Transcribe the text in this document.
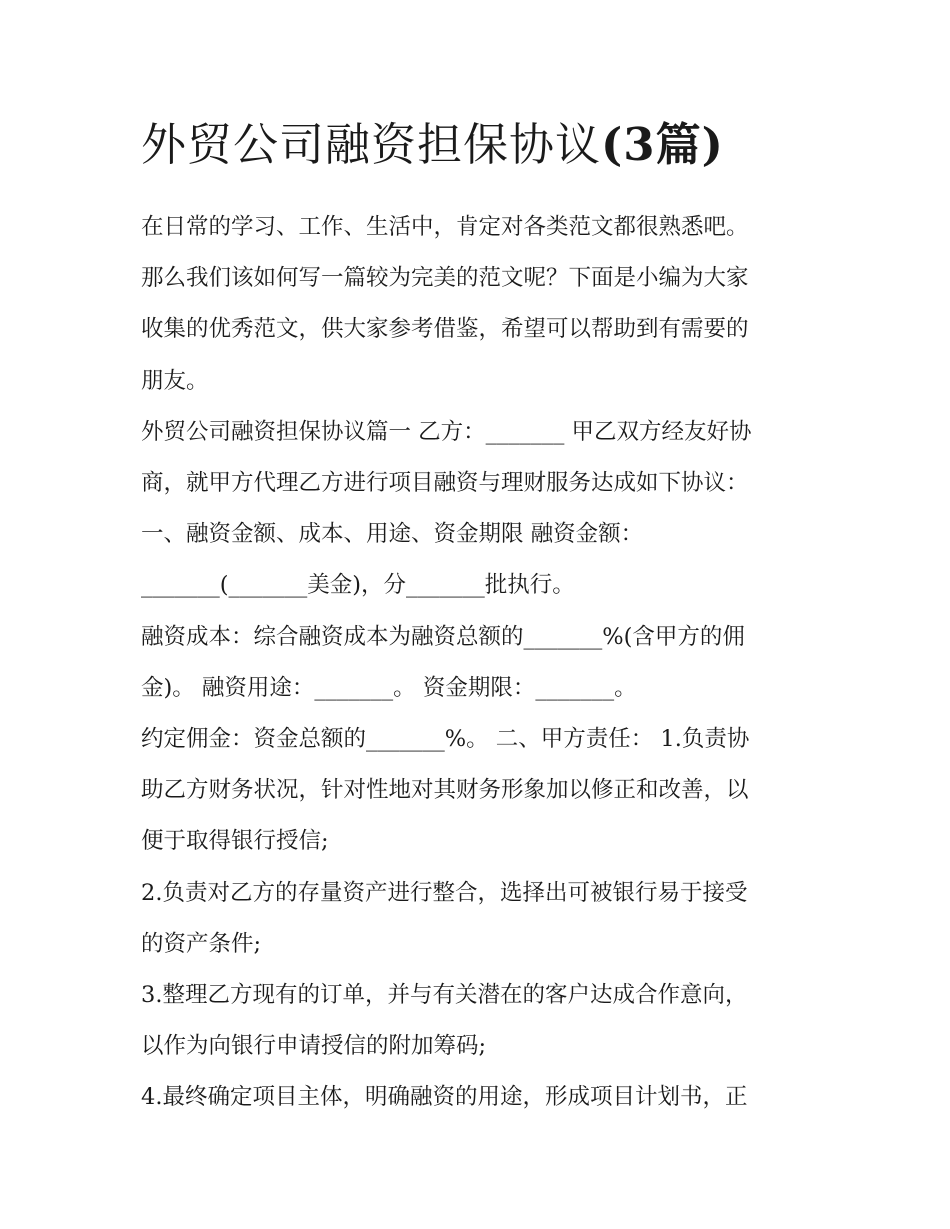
外贸公司融资担保协议(3篇)

在日常的学习、工作、生活中，肯定对各类范文都很熟悉吧。

那么我们该如何写一篇较为完美的范文呢？下面是小编为大家

收集的优秀范文，供大家参考借鉴，希望可以帮助到有需要的

朋友。

外贸公司融资担保协议篇一 乙方：_______ 甲乙双方经友好协

商，就甲方代理乙方进行项目融资与理财服务达成如下协议：

一、融资金额、成本、用途、资金期限 融资金额：

_______(_______美金)，分_______批执行。

融资成本：综合融资成本为融资总额的_______%(含甲方的佣

金)。 融资用途：_______。 资金期限：_______。

约定佣金：资金总额的_______%。 二、甲方责任： 1.负责协

助乙方财务状况，针对性地对其财务形象加以修正和改善，以

便于取得银行授信;

2.负责对乙方的存量资产进行整合，选择出可被银行易于接受

的资产条件;

3.整理乙方现有的订单，并与有关潜在的客户达成合作意向，

以作为向银行申请授信的附加筹码;

4.最终确定项目主体，明确融资的用途，形成项目计划书，正
